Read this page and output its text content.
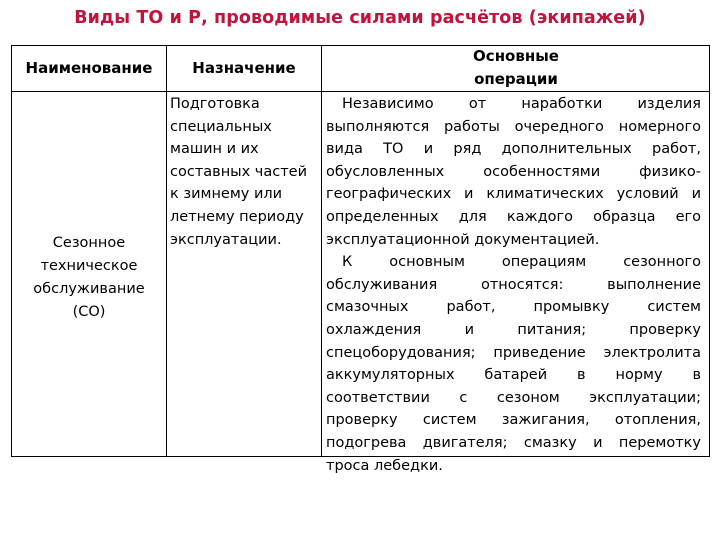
Виды ТО и Р, проводимые силами расчётов (экипажей)
Наименование	Назначение
Основные
операции
Сезонное
техническое
обслуживание
(СО)
Подготовка
специальных
машин и их
составных частей
к зимнему или
летнему периоду
эксплуатации.
Независимо от наработки изделия
выполняются работы очередного номерного
вида ТО и ряд дополнительных работ,
обусловленных особенностями физико-
географических и климатических условий и
определенных для каждого образца его
эксплуатационной документацией.
К основным операциям сезонного
обслуживания относятся: выполнение
смазочных работ, промывку систем
охлаждения и питания; проверку
спецоборудования; приведение электролита
аккумуляторных батарей в норму в
соответствии с сезоном эксплуатации;
проверку систем зажигания, отопления,
подогрева двигателя; смазку и перемотку
троса лебедки.
